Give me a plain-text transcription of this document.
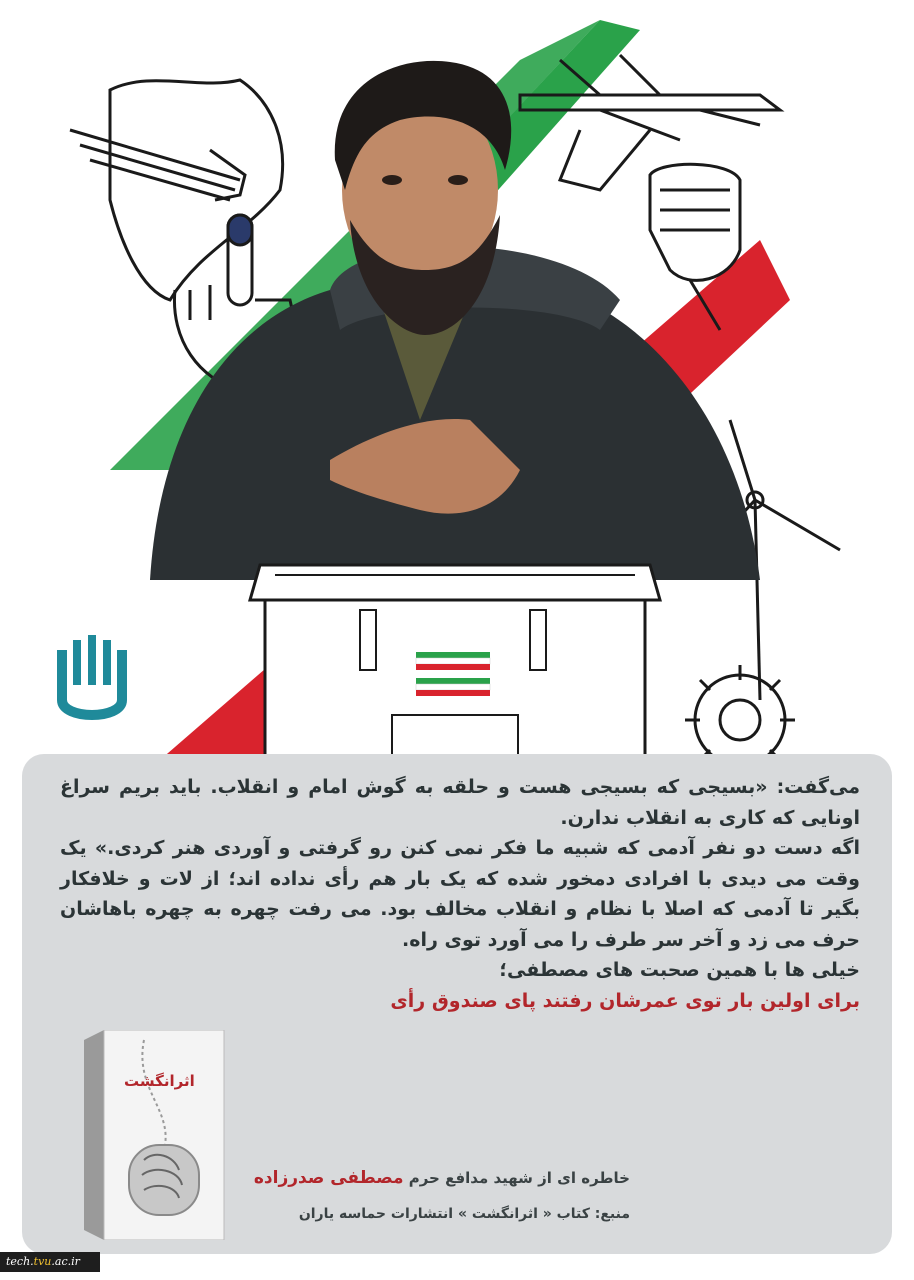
می‌گفت: «بسیجی که بسیجی هست و حلقه به گوش امام و انقلاب. باید بریم سراغ اونایی که کاری به انقلاب ندارن.

اگه دست دو نفر آدمی که شبیه ما فکر نمی کنن رو گرفتی و آوردی هنر کردی.» یک وقت می دیدی با افرادی دمخور شده که یک بار هم رأی نداده اند؛ از لات و خلافکار بگیر تا آدمی که اصلا با نظام و انقلاب مخالف بود. می رفت چهره به چهره باهاشان حرف می زد و آخر سر طرف را می آورد توی راه.

خیلی ها با همین صحبت های مصطفی؛

برای اولین بار توی عمرشان رفتند پای صندوق رأی

اثرانگشت

خاطره ای از شهید مدافع حرم مصطفی صدرزاده

منبع: کتاب « اثرانگشت » انتشارات حماسه یاران
tech.tvu.ac.ir
